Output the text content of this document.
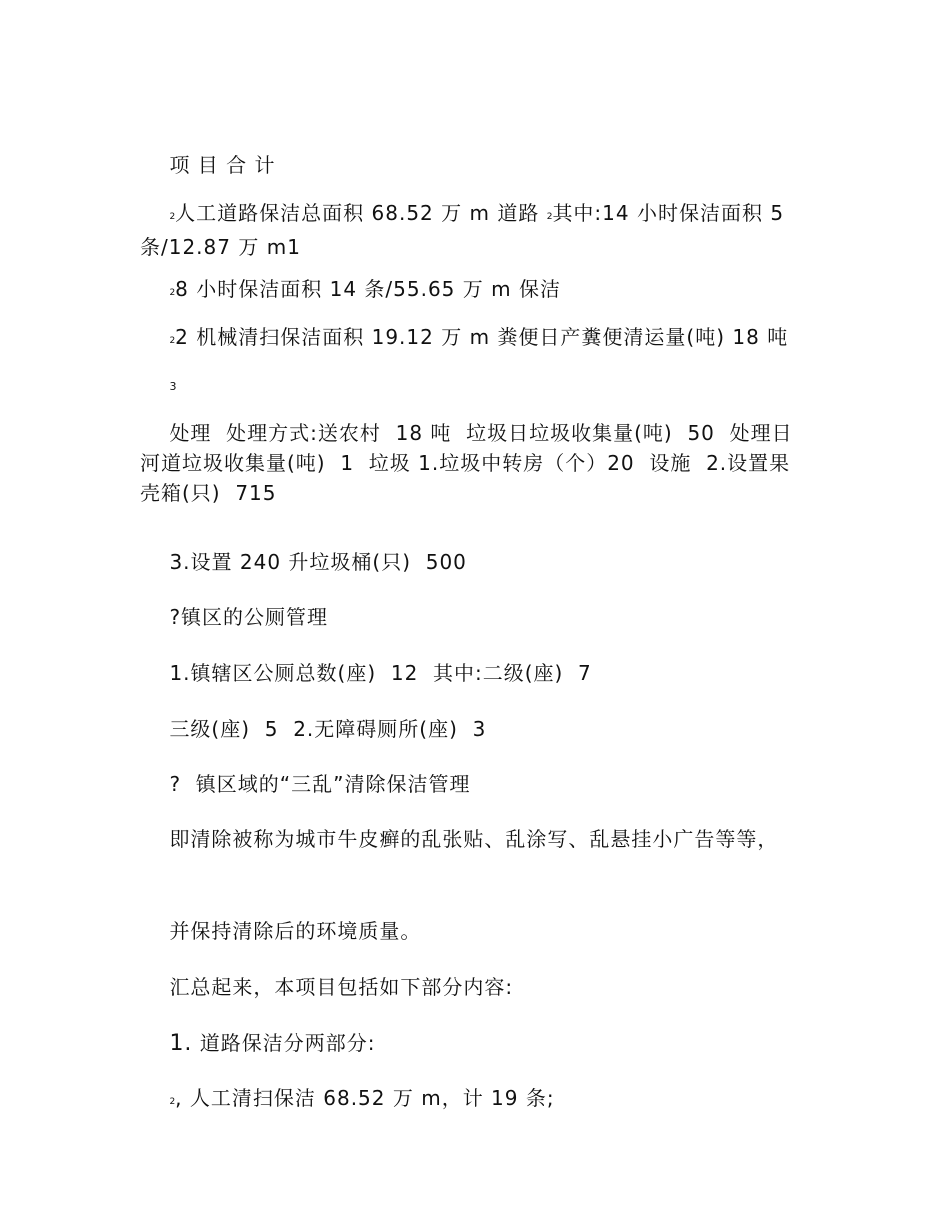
项 目 合 计

2人工道路保洁总面积 68.52 万 m 道路 2其中:14 小时保洁面积 5 条/12.87 万 m1

28 小时保洁面积 14 条/55.65 万 m 保洁

22 机械清扫保洁面积 19.12 万 m 粪便日产糞便清运量(吨) 18 吨

3

处理  处理方式:送农村  18 吨  垃圾日垃圾收集量(吨)  50  处理日河道垃圾收集量(吨)  1  垃圾 1.垃圾中转房（个）20  设施  2.设置果壳箱(只)  715

3.设置 240 升垃圾桶(只)  500

?镇区的公厕管理

1.镇辖区公厕总数(座)  12  其中:二级(座)  7

三级(座)  5  2.无障碍厕所(座)  3

?  镇区域的“三乱”清除保洁管理

即清除被称为城市牛皮癣的乱张贴、乱涂写、乱悬挂小广告等等，

并保持清除后的环境质量。

汇总起来，本项目包括如下部分内容:

1. 道路保洁分两部分:

2, 人工清扫保洁 68.52 万 m，计 19 条;
